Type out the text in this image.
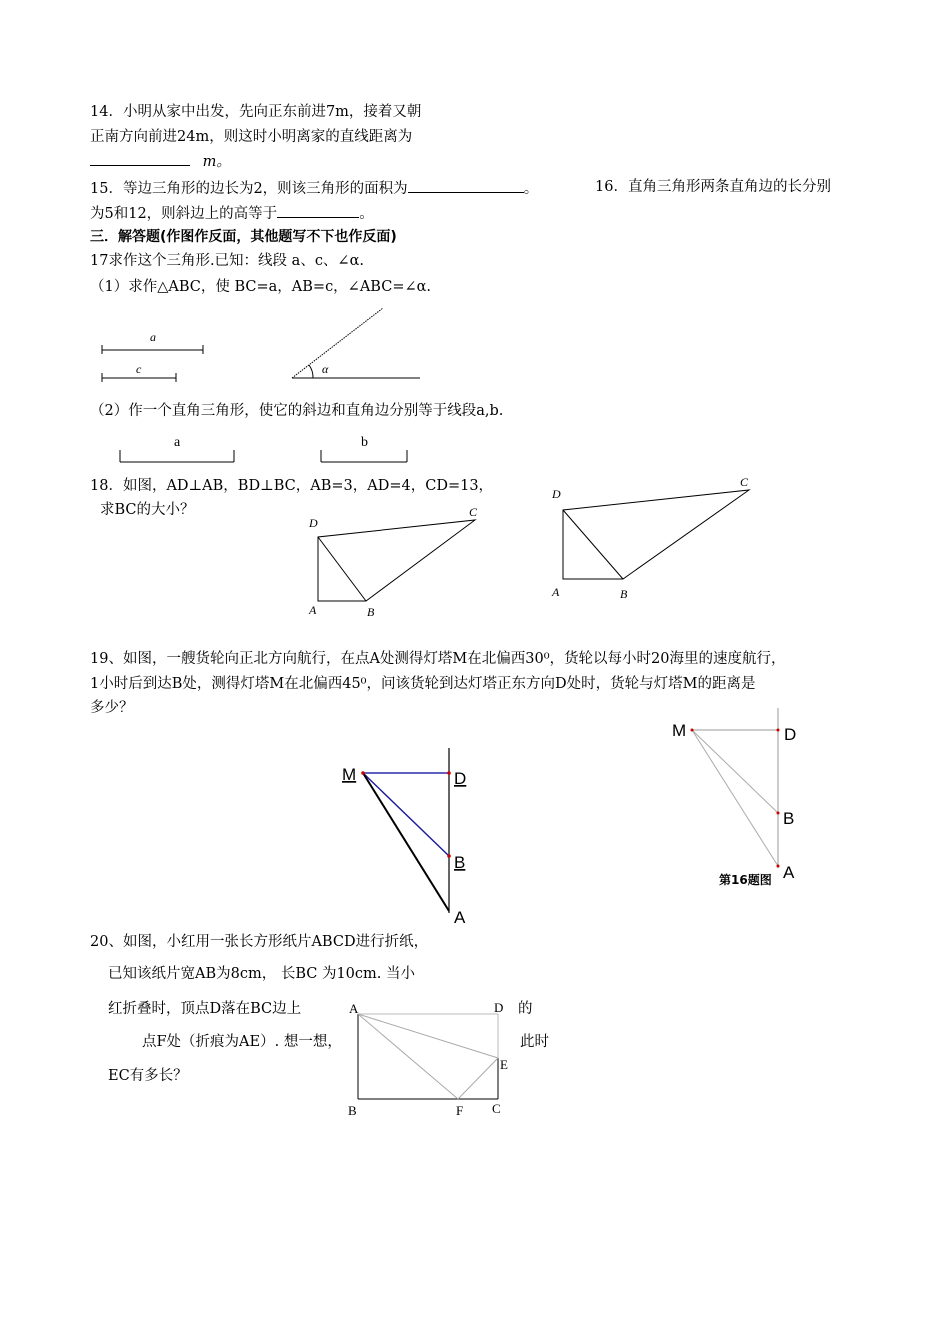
14．小明从家中出发，先向正东前进7m，接着又朝
正南方向前进24m，则这时小明离家的直线距离为
m。
15．等边三角形的边长为2，则该三角形的面积为	。	16．直角三角形两条直角边的长分别
为5和12，则斜边上的高等于	。
三．解答题(作图作反面，其他题写不下也作反面)
17求作这个三角形.已知：线段 a、c、∠α.
（1）求作△ABC，使 BC=a，AB=c，∠ABC=∠α.
a
c	α
a	b
D
C
A	B
D
C
A	B
M	D
B
A
第16题图
M	D
B
A
A	D
E
B	F C
（2）作一个直角三角形，使它的斜边和直角边分别等于线段a,b.
18．如图，AD⊥AB，BD⊥BC，AB=3，AD=4，CD=13，
求BC的大小？
19、如图，一艘货轮向正北方向航行，在点A处测得灯塔M在北偏西30⁰，货轮以每小时20海里的速度航行，
1小时后到达B处，测得灯塔M在北偏西45⁰，问该货轮到达灯塔正东方向D处时，货轮与灯塔M的距离是
多少？
20、如图，小红用一张长方形纸片ABCD进行折纸，
已知该纸片宽AB为8cm， 长BC 为10cm. 当小
红折叠时，顶点D落在BC边上	的
点F处（折痕为AE）. 想一想，	此时
EC有多长？
